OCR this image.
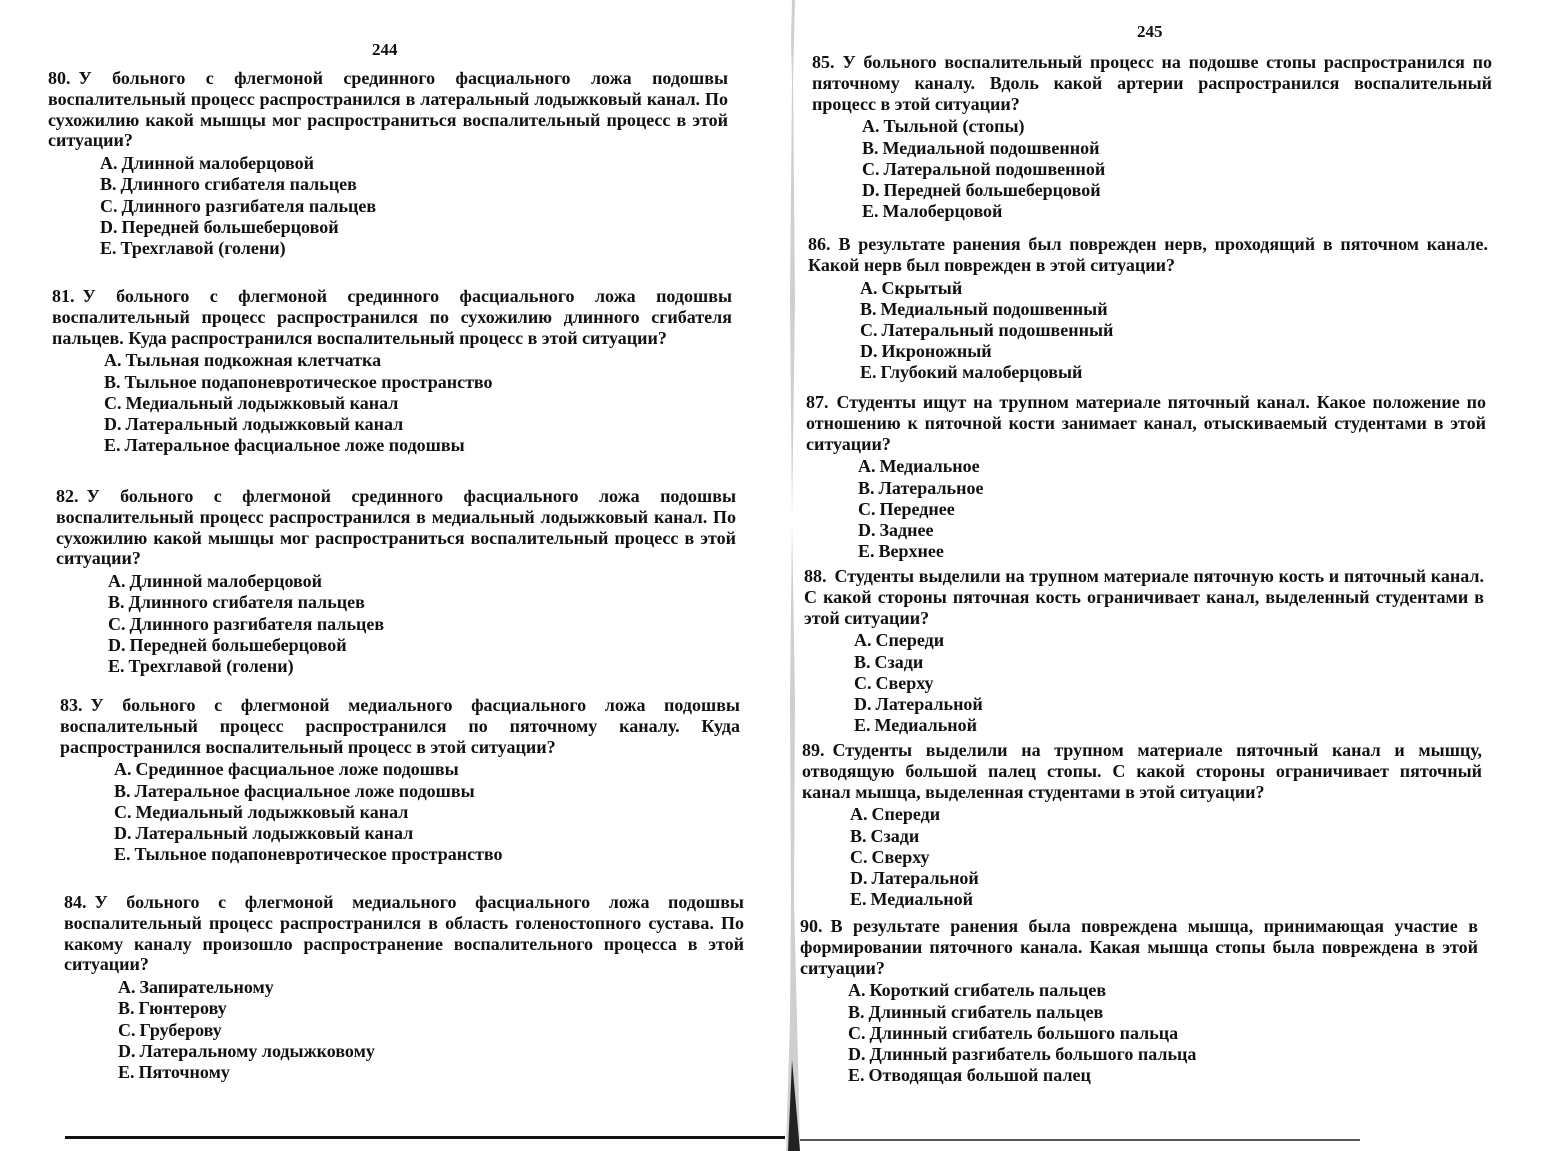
244
245

80. У больного с флегмоной срединного фасциального ложа подошвы воспалительный процесс распространился в латеральный лодыжковый канал. По сухожилию какой мышцы мог распространиться воспалительный процесс в этой ситуации?

A. Длинной малоберцовой
B. Длинного сгибателя пальцев
C. Длинного разгибателя пальцев
D. Передней большеберцовой
E. Трехглавой (голени)

81. У больного с флегмоной срединного фасциального ложа подошвы воспалительный процесс распространился по сухожилию длинного сгибателя пальцев. Куда распространился воспалительный процесс в этой ситуации?

A. Тыльная подкожная клетчатка
B. Тыльное подапоневротическое пространство
C. Медиальный лодыжковый канал
D. Латеральный лодыжковый канал
E. Латеральное фасциальное ложе подошвы

82. У больного с флегмоной срединного фасциального ложа подошвы воспалительный процесс распространился в медиальный лодыжковый канал. По сухожилию какой мышцы мог распространиться воспалительный процесс в этой ситуации?

A. Длинной малоберцовой
B. Длинного сгибателя пальцев
C. Длинного разгибателя пальцев
D. Передней большеберцовой
E. Трехглавой (голени)

83. У больного с флегмоной медиального фасциального ложа подошвы воспалительный процесс распространился по пяточному каналу. Куда распространился воспалительный процесс в этой ситуации?

A. Срединное фасциальное ложе подошвы
B. Латеральное фасциальное ложе подошвы
C. Медиальный лодыжковый канал
D. Латеральный лодыжковый канал
E. Тыльное подапоневротическое пространство

84. У больного с флегмоной медиального фасциального ложа подошвы воспалительный процесс распространился в область голеностопного сустава. По какому каналу произошло распространение воспалительного процесса в этой ситуации?

A. Запирательному
B. Гюнтерову
C. Груберову
D. Латеральному лодыжковому
E. Пяточному

85. У больного воспалительный процесс на подошве стопы распространился по пяточному каналу. Вдоль какой артерии распространился воспалительный процесс в этой ситуации?

A. Тыльной (стопы)
B. Медиальной подошвенной
C. Латеральной подошвенной
D. Передней большеберцовой
E. Малоберцовой

86. В результате ранения был поврежден нерв, проходящий в пяточном канале. Какой нерв был поврежден в этой ситуации?

A. Скрытый
B. Медиальный подошвенный
C. Латеральный подошвенный
D. Икроножный
E. Глубокий малоберцовый

87. Студенты ищут на трупном материале пяточный канал. Какое положение по отношению к пяточной кости занимает канал, отыскиваемый студентами в этой ситуации?

A. Медиальное
B. Латеральное
C. Переднее
D. Заднее
E. Верхнее

88. Студенты выделили на трупном материале пяточную кость и пяточный канал. С какой стороны пяточная кость ограничивает канал, выделенный студентами в этой ситуации?

A. Спереди
B. Сзади
C. Сверху
D. Латеральной
E. Медиальной

89. Студенты выделили на трупном материале пяточный канал и мышцу, отводящую большой палец стопы. С какой стороны ограничивает пяточный канал мышца, выделенная студентами в этой ситуации?

A. Спереди
B. Сзади
C. Сверху
D. Латеральной
E. Медиальной

90. В результате ранения была повреждена мышца, принимающая участие в формировании пяточного канала. Какая мышца стопы была повреждена в этой ситуации?

A. Короткий сгибатель пальцев
B. Длинный сгибатель пальцев
C. Длинный сгибатель большого пальца
D. Длинный разгибатель большого пальца
E. Отводящая большой палец
